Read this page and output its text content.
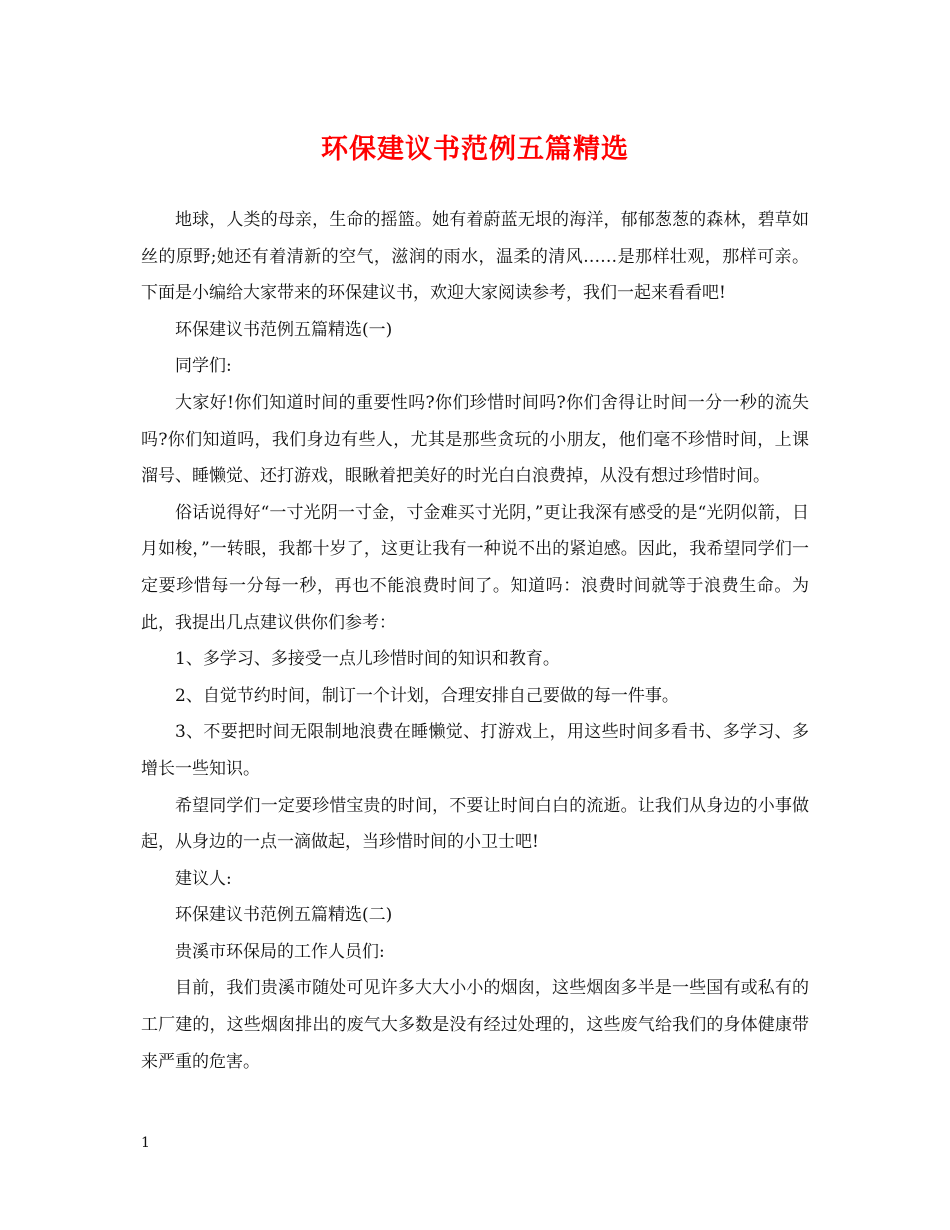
环保建议书范例五篇精选

地球，人类的母亲，生命的摇篮。她有着蔚蓝无垠的海洋，郁郁葱葱的森林，碧草如丝的原野;她还有着清新的空气，滋润的雨水，温柔的清风……是那样壮观，那样可亲。下面是小编给大家带来的环保建议书，欢迎大家阅读参考，我们一起来看看吧!

环保建议书范例五篇精选(一)

同学们:

大家好!你们知道时间的重要性吗?你们珍惜时间吗?你们舍得让时间一分一秒的流失吗?你们知道吗，我们身边有些人，尤其是那些贪玩的小朋友，他们毫不珍惜时间，上课溜号、睡懒觉、还打游戏，眼瞅着把美好的时光白白浪费掉，从没有想过珍惜时间。

俗话说得好“一寸光阴一寸金，寸金难买寸光阴，”更让我深有感受的是“光阴似箭，日月如梭，”一转眼，我都十岁了，这更让我有一种说不出的紧迫感。因此，我希望同学们一定要珍惜每一分每一秒，再也不能浪费时间了。知道吗：浪费时间就等于浪费生命。为此，我提出几点建议供你们参考：

1、多学习、多接受一点儿珍惜时间的知识和教育。

2、自觉节约时间，制订一个计划，合理安排自己要做的每一件事。

3、不要把时间无限制地浪费在睡懒觉、打游戏上，用这些时间多看书、多学习、多增长一些知识。

希望同学们一定要珍惜宝贵的时间，不要让时间白白的流逝。让我们从身边的小事做起，从身边的一点一滴做起，当珍惜时间的小卫士吧!

建议人:

环保建议书范例五篇精选(二)

贵溪市环保局的工作人员们:

目前，我们贵溪市随处可见许多大大小小的烟囱，这些烟囱多半是一些国有或私有的工厂建的，这些烟囱排出的废气大多数是没有经过处理的，这些废气给我们的身体健康带来严重的危害。

1
